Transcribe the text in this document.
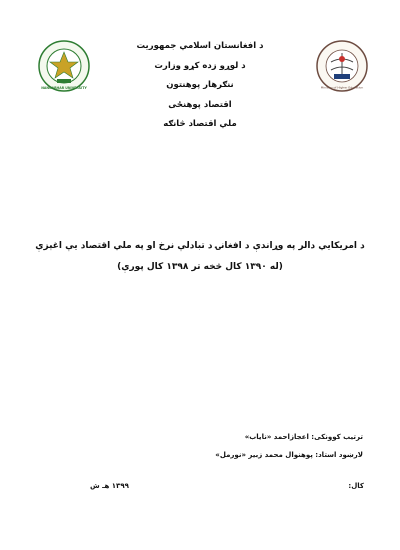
NANGARHAR UNIVERSITY	Ministry of Higher Education
د افغانستان اسلامي جمهوریت
د لوړو زده کړو وزارت
ننګرهار پوهنتون
اقتصاد پوهنځی
ملي اقتصاد څانګه
د امریکایي دالر په وړاندې د افغانۍ د تبادلې نرخ او په ملي اقتصاد یې اغېزې
(له ۱۳۹۰ کال څخه تر ۱۳۹۸ کال پورې)
ترتیب کوونکی: اعجازاحمد «نایاب»
لارښود استاد: پوهنوال محمد زبیر «نورمل»
کال:
۱۳۹۹ هـ ش
